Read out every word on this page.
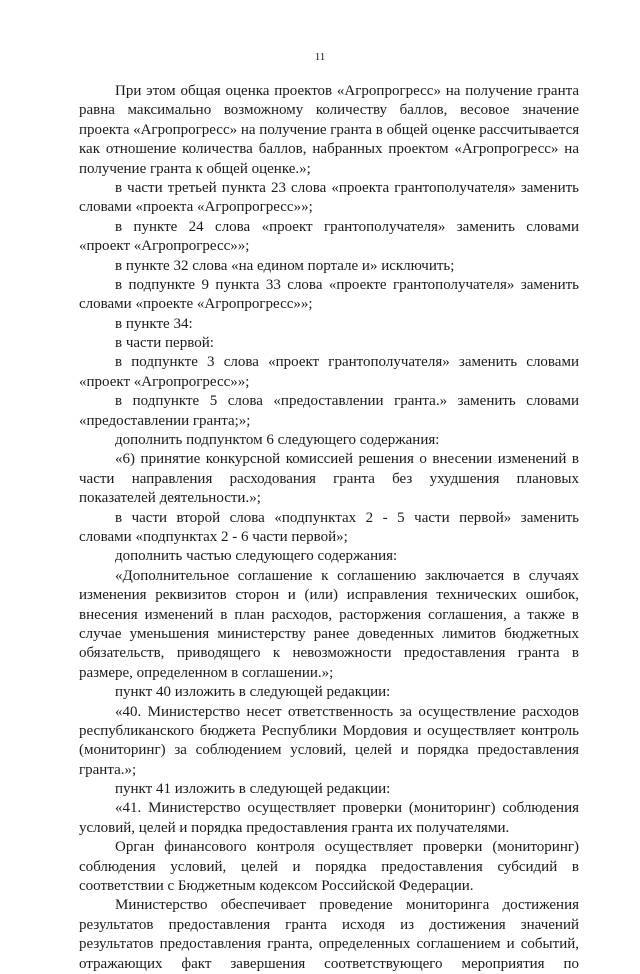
11
При этом общая оценка проектов «Агропрогресс» на получение гранта
равна максимально возможному количеству баллов, весовое значение
проекта «Агропрогресс» на получение гранта в общей оценке рассчитывается
как отношение количества баллов, набранных проектом «Агропрогресс» на
получение гранта к общей оценке.»;
в части третьей пункта 23 слова «проекта грантополучателя» заменить
словами «проекта «Агропрогресс»»;
в пункте 24 слова «проект грантополучателя» заменить словами
«проект «Агропрогресс»»;
в пункте 32 слова «на едином портале и» исключить;
в подпункте 9 пункта 33 слова «проекте грантополучателя» заменить
словами «проекте «Агропрогресс»»;
в пункте 34:
в части первой:
в подпункте 3 слова «проект грантополучателя» заменить словами
«проект «Агропрогресс»»;
в подпункте 5 слова «предоставлении гранта.» заменить словами
«предоставлении гранта;»;
дополнить подпунктом 6 следующего содержания:
«6) принятие конкурсной комиссией решения о внесении изменений в
части направления расходования гранта без ухудшения плановых
показателей деятельности.»;
в части второй слова «подпунктах 2 - 5 части первой» заменить
словами «подпунктах 2 - 6 части первой»;
дополнить частью следующего содержания:
«Дополнительное соглашение к соглашению заключается в случаях
изменения реквизитов сторон и (или) исправления технических ошибок,
внесения изменений в план расходов, расторжения соглашения, а также в
случае уменьшения министерству ранее доведенных лимитов бюджетных
обязательств, приводящего к невозможности предоставления гранта в
размере, определенном в соглашении.»;
пункт 40 изложить в следующей редакции:
«40. Министерство несет ответственность за осуществление расходов
республиканского бюджета Республики Мордовия и осуществляет контроль
(мониторинг) за соблюдением условий, целей и порядка предоставления
гранта.»;
пункт 41 изложить в следующей редакции:
«41. Министерство осуществляет проверки (мониторинг) соблюдения
условий, целей и порядка предоставления гранта их получателями.
Орган финансового контроля осуществляет проверки (мониторинг)
соблюдения условий, целей и порядка предоставления субсидий в
соответствии с Бюджетным кодексом Российской Федерации.
Министерство обеспечивает проведение мониторинга достижения
результатов предоставления гранта исходя из достижения значений
результатов предоставления гранта, определенных соглашением и событий,
отражающих факт завершения соответствующего мероприятия по
